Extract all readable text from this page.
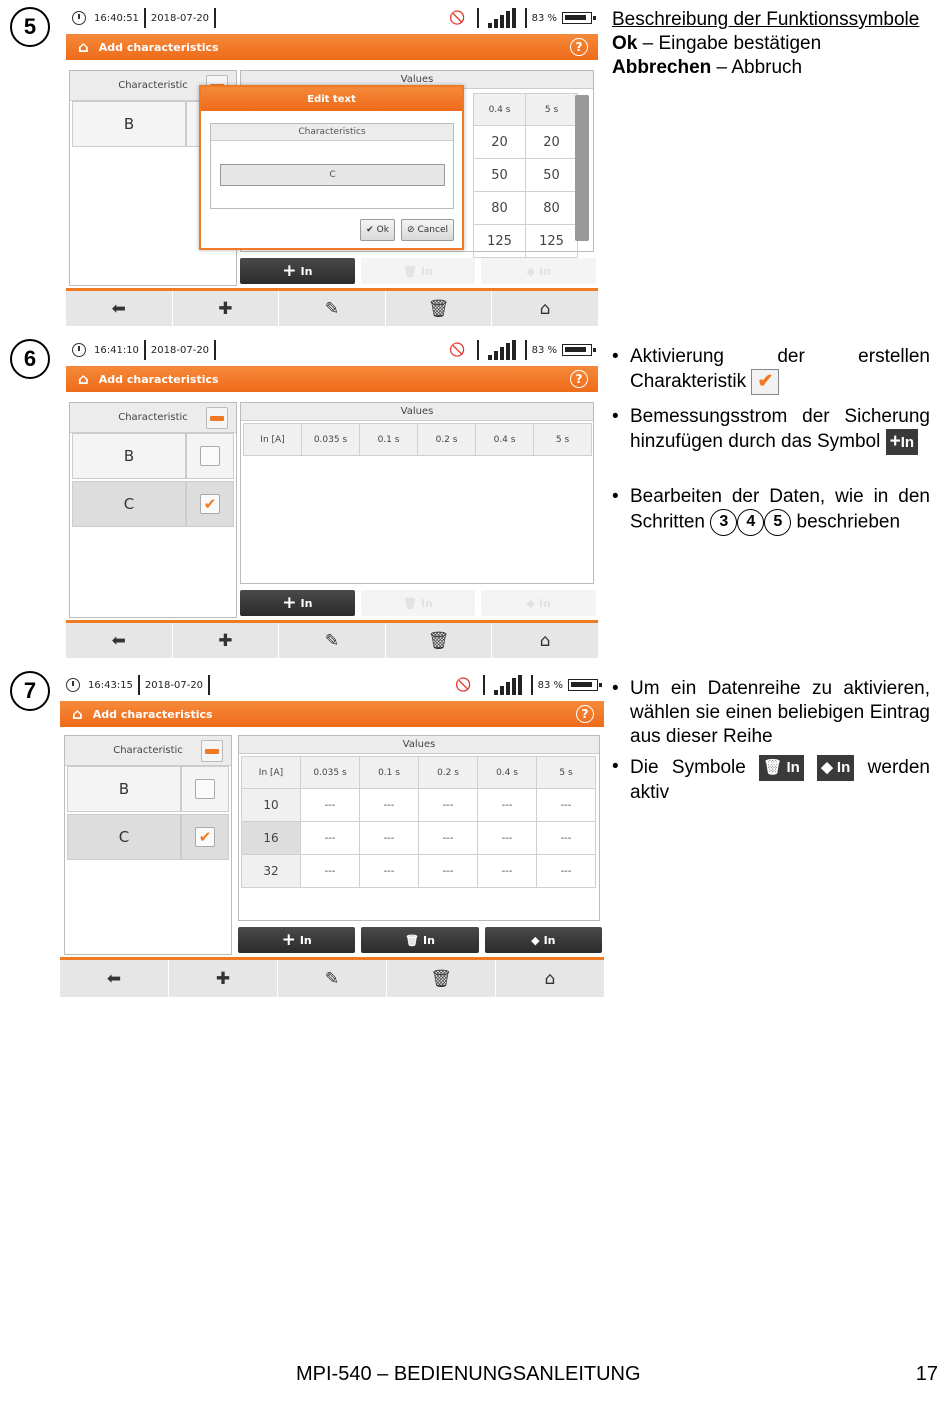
5	16:40:51 2018-07-20	🚫	83 %
⌂ Add characteristics	?
Characteristic
B
Values
0.4 s	5 s
20	20
50	50
80	80
125	125
+ In	🗑 In	◆ In
⬅	✚	✎	🗑	⌂
Edit text
Characteristics
C
✔ Ok ⊘ Cancel
Beschreibung der Funktionssymbole
Ok – Eingabe bestätigen
Abbrechen – Abbruch
6	16:41:10 2018-07-20	🚫	83 %
⌂ Add characteristics	?
Characteristic
B
C	✔
Values
In [A]	0.035 s	0.1 s	0.2 s	0.4 s	5 s
+ In	🗑 In	◆ In
⬅	✚	✎	🗑	⌂
• Aktivierung der erstellen Charakteristik ✔
• Bemessungsstrom der Sicherung hinzufügen durch das Symbol +In
• Bearbeiten der Daten, wie in den Schritten 3 4 5 beschrieben
7	16:43:15 2018-07-20	🚫	83 %
⌂ Add characteristics	?
Characteristic
B
C	✔
Values
In [A]	0.035 s	0.1 s	0.2 s	0.4 s	5 s
10	---	---	---	---	---
16	---	---	---	---	---
32	---	---	---	---	---
+ In	🗑 In	◆ In
⬅	✚	✎	🗑	⌂
• Um ein Datenreihe zu aktivieren, wählen sie einen beliebigen Eintrag aus dieser Reihe
• Die Symbole 🗑 In ◆ In werden aktiv
MPI-540 – BEDIENUNGSANLEITUNG	17
